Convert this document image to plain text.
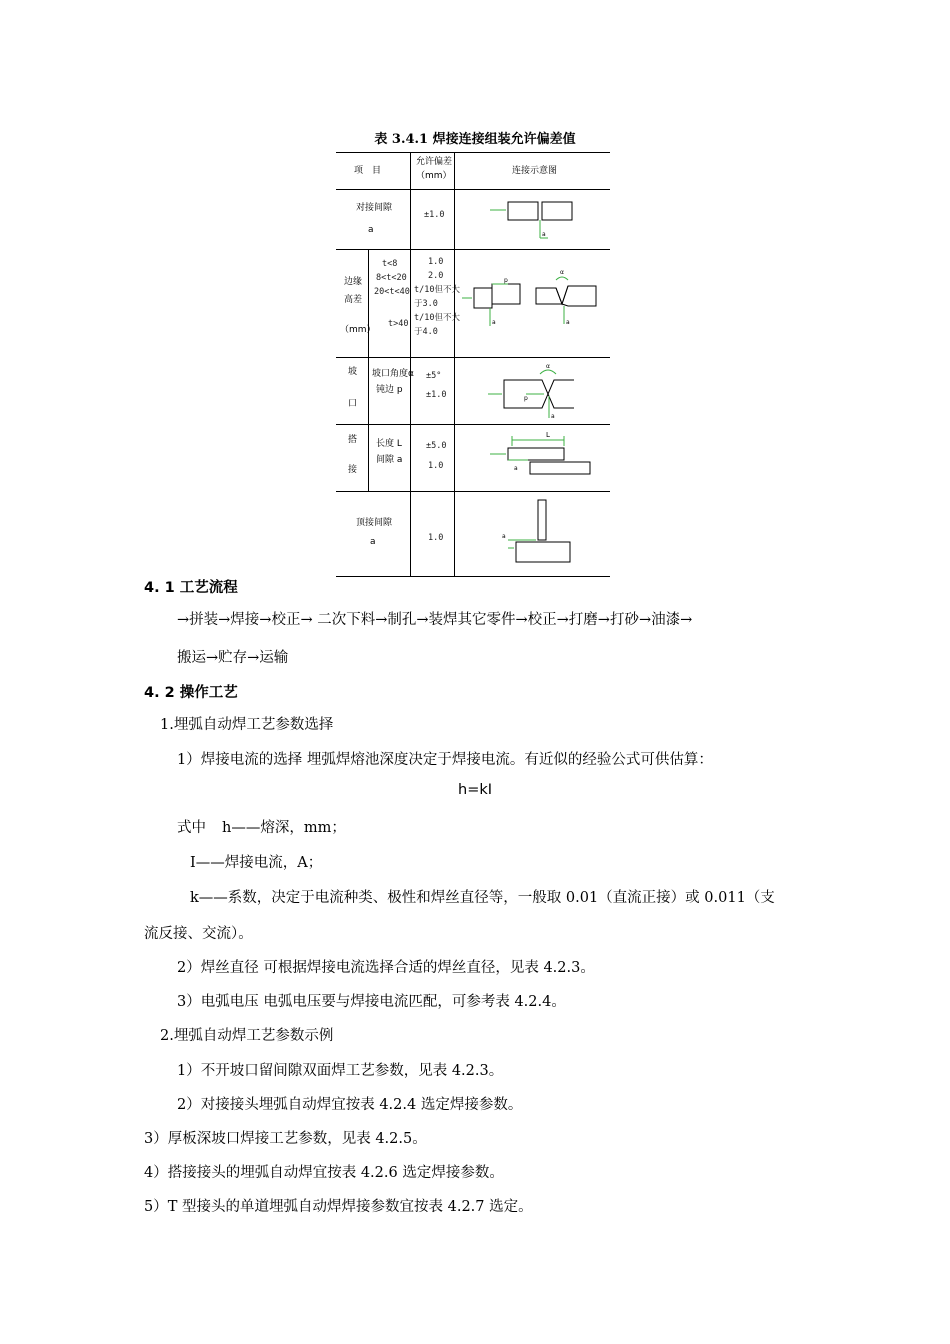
表 3.4.1 焊接连接组装允许偏差值
项　目
允许偏差
（mm）	连接示意图
对接间隙
a
±1.0
边缘
高差
（mm）
t<8
8<t<20
20<t<40
t>40
1.0
2.0
t/10但不大
于3.0
t/10但不大
于4.0
坡
口
坡口角度α
钝边 p
±5°
±1.0
搭
接
长度 L
间隙 a
±5.0
1.0
顶接间隙
a	1.0
a
a
p
α
a
α
p
a
L
a
a
4. 1 工艺流程
→拼装→焊接→校正→ 二次下料→制孔→装焊其它零件→校正→打磨→打砂→油漆→
搬运→贮存→运输
4. 2 操作工艺
1.埋弧自动焊工艺参数选择
1）焊接电流的选择 埋弧焊熔池深度决定于焊接电流。有近似的经验公式可供估算：
h=kI
式中 h——熔深，mm；
I——焊接电流，A；
k——系数，决定于电流种类、极性和焊丝直径等，一般取 0.01（直流正接）或 0.011（支
流反接、交流）。
2）焊丝直径 可根据焊接电流选择合适的焊丝直径，见表 4.2.3。
3）电弧电压 电弧电压要与焊接电流匹配，可参考表 4.2.4。
2.埋弧自动焊工艺参数示例
1）不开坡口留间隙双面焊工艺参数，见表 4.2.3。
2）对接接头埋弧自动焊宜按表 4.2.4 选定焊接参数。
3）厚板深坡口焊接工艺参数，见表 4.2.5。
4）搭接接头的埋弧自动焊宜按表 4.2.6 选定焊接参数。
5）T 型接头的单道埋弧自动焊焊接参数宜按表 4.2.7 选定。
